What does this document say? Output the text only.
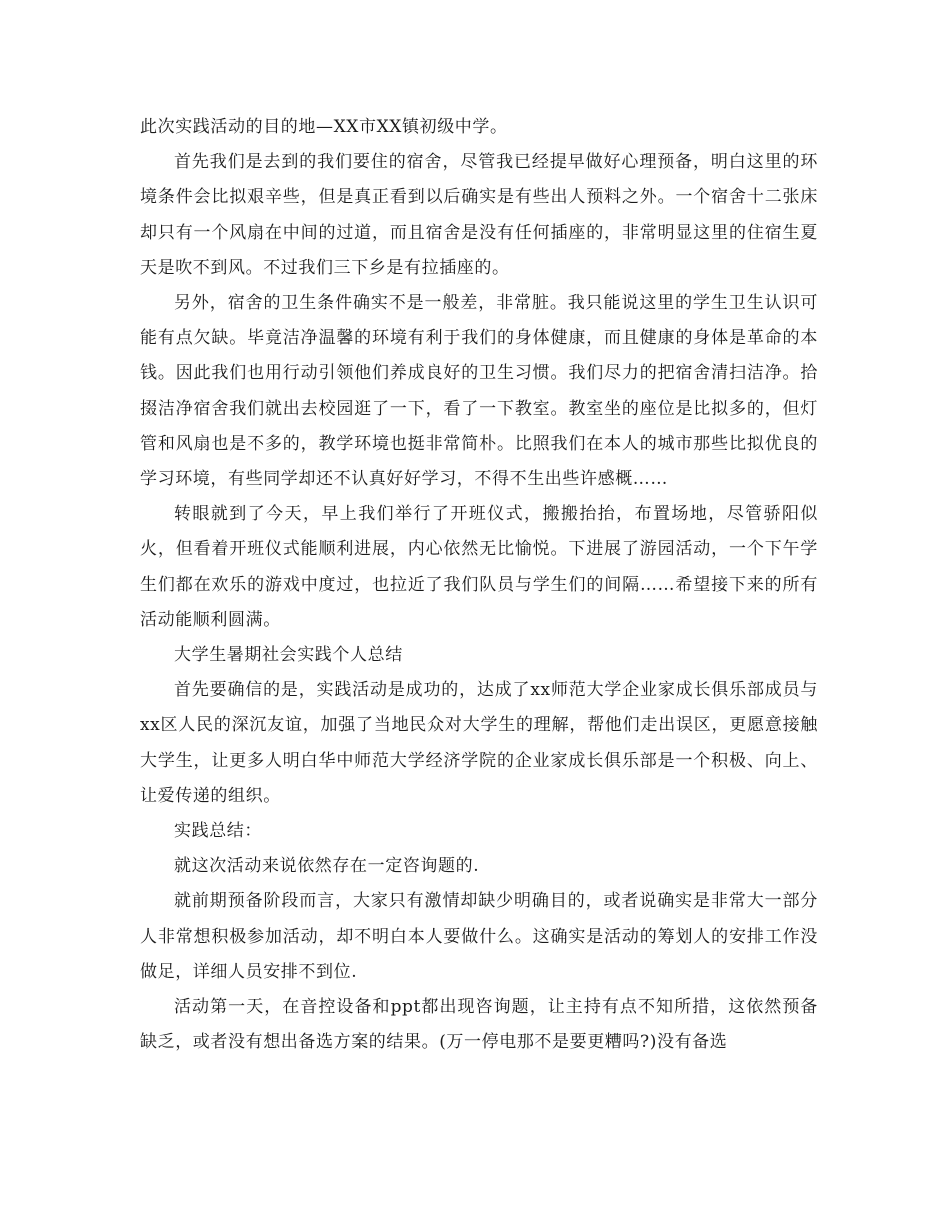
此次实践活动的目的地—XX市XX镇初级中学。

首先我们是去到的我们要住的宿舍，尽管我已经提早做好心理预备，明白这里的环境条件会比拟艰辛些，但是真正看到以后确实是有些出人预料之外。一个宿舍十二张床却只有一个风扇在中间的过道，而且宿舍是没有任何插座的，非常明显这里的住宿生夏天是吹不到风。不过我们三下乡是有拉插座的。

另外，宿舍的卫生条件确实不是一般差，非常脏。我只能说这里的学生卫生认识可能有点欠缺。毕竟洁净温馨的环境有利于我们的身体健康，而且健康的身体是革命的本钱。因此我们也用行动引领他们养成良好的卫生习惯。我们尽力的把宿舍清扫洁净。拾掇洁净宿舍我们就出去校园逛了一下，看了一下教室。教室坐的座位是比拟多的，但灯管和风扇也是不多的，教学环境也挺非常简朴。比照我们在本人的城市那些比拟优良的学习环境，有些同学却还不认真好好学习，不得不生出些许感概……

转眼就到了今天，早上我们举行了开班仪式，搬搬抬抬，布置场地，尽管骄阳似火，但看着开班仪式能顺利进展，内心依然无比愉悦。下进展了游园活动，一个下午学生们都在欢乐的游戏中度过，也拉近了我们队员与学生们的间隔……希望接下来的所有活动能顺利圆满。

大学生暑期社会实践个人总结

首先要确信的是，实践活动是成功的，达成了xx师范大学企业家成长俱乐部成员与xx区人民的深沉友谊，加强了当地民众对大学生的理解，帮他们走出误区，更愿意接触大学生，让更多人明白华中师范大学经济学院的企业家成长俱乐部是一个积极、向上、让爱传递的组织。

实践总结：

就这次活动来说依然存在一定咨询题的.

就前期预备阶段而言，大家只有激情却缺少明确目的，或者说确实是非常大一部分人非常想积极参加活动，却不明白本人要做什么。这确实是活动的筹划人的安排工作没做足，详细人员安排不到位.

活动第一天，在音控设备和ppt都出现咨询题，让主持有点不知所措，这依然预备缺乏，或者没有想出备选方案的结果。(万一停电那不是要更糟吗?)没有备选
